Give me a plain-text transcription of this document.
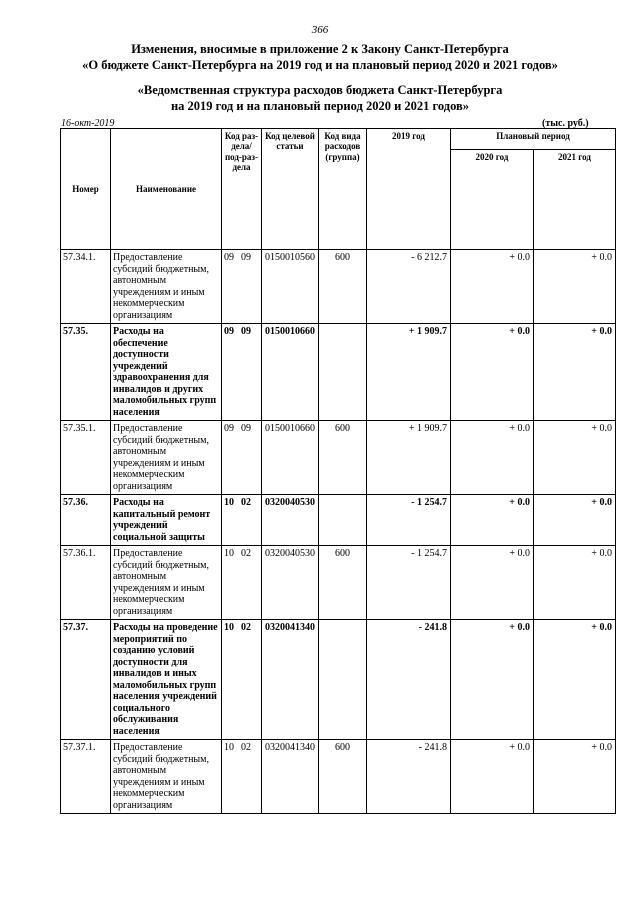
366
Изменения, вносимые в приложение 2 к Закону Санкт-Петербурга
«О бюджете Санкт-Петербурга на 2019 год и на плановый период 2020 и 2021 годов»
«Ведомственная структура расходов бюджета Санкт-Петербурга
на 2019 год и на плановый период 2020 и 2021 годов»
16-окт-2019	(тыс. руб.)
Номер	Наименование	Код раз-дела/ под-раз-дела	Код целевой статьи	Код вида расходов (группа)	2019 год	Плановый период	
						2020 год	2021 год
57.34.1.	Предоставление субсидий бюджетным, автономным учреждениям и иным некоммерческим организациям	09 09	0150010560	600	- 6 212.7	+ 0.0	+ 0.0
57.35.	Расходы на обеспечение доступности учреждений здравоохранения для инвалидов и других маломобильных групп населения	09 09	0150010660		+ 1 909.7	+ 0.0	+ 0.0
57.35.1.	Предоставление субсидий бюджетным, автономным учреждениям и иным некоммерческим организациям	09 09	0150010660	600	+ 1 909.7	+ 0.0	+ 0.0
57.36.	Расходы на капитальный ремонт учреждений социальной защиты	10 02	0320040530		- 1 254.7	+ 0.0	+ 0.0
57.36.1.	Предоставление субсидий бюджетным, автономным учреждениям и иным некоммерческим организациям	10 02	0320040530	600	- 1 254.7	+ 0.0	+ 0.0
57.37.	Расходы на проведение мероприятий по созданию условий доступности для инвалидов и иных маломобильных групп населения учреждений социального обслуживания населения	10 02	0320041340		- 241.8	+ 0.0	+ 0.0
57.37.1.	Предоставление субсидий бюджетным, автономным учреждениям и иным некоммерческим организациям	10 02	0320041340	600	- 241.8	+ 0.0	+ 0.0
